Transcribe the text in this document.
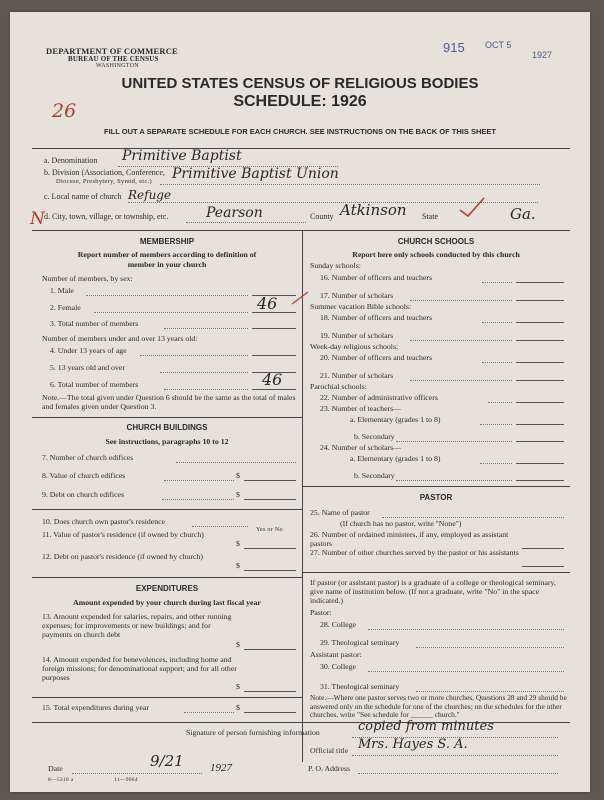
DEPARTMENT OF COMMERCE
BUREAU OF THE CENSUS
WASHINGTON
915 OCT 5
1927
UNITED STATES CENSUS OF RELIGIOUS BODIES
SCHEDULE: 1926
26
FILL OUT A SEPARATE SCHEDULE FOR EACH CHURCH. SEE INSTRUCTIONS ON THE BACK OF THIS SHEET
a. Denomination Primitive Baptist
b. Division (Association, Conference,
Diocese, Presbytery, Synod, etc.) Primitive Baptist Union
c. Local name of church Refuge
N d. City, town, village, or township, etc.	Pearson	County Atkinson State	Ga.
MEMBERSHIP
Report number of members according to definition of
member in your church
Number of members, by sex:
1. Male
2. Female	46
3. Total number of members
Number of members under and over 13 years old:
4. Under 13 years of age
5. 13 years old and over
6. Total number of members	46
Note.—The total given under Question 6 should be the same as the total of males and females given under Question 3.
CHURCH BUILDINGS
See instructions, paragraphs 10 to 12
7. Number of church edifices
8. Value of church edifices	$
9. Debt on church edifices	$
10. Does church own pastor's residence
Yes or No
11. Value of pastor's residence (if owned by church)
$
12. Debt on pastor's residence (if owned by church)
$
EXPENDITURES
Amount expended by your church during last fiscal year
13. Amount expended for salaries, repairs, and other running expenses; for improvements or new buildings; and for payments on church debt
$
14. Amount expended for benevolences, including home and foreign missions; for denominational support; and for all other purposes
$
15. Total expenditures during year	$
CHURCH SCHOOLS
Report here only schools conducted by this church
Sunday schools:
16. Number of officers and teachers
17. Number of scholars
Summer vacation Bible schools:
18. Number of officers and teachers
19. Number of scholars
Week-day religious schools:
20. Number of officers and teachers
21. Number of scholars
Parochial schools:
22. Number of administrative officers
23. Number of teachers—
a. Elementary (grades 1 to 8)
b. Secondary
24. Number of scholars—
a. Elementary (grades 1 to 8)
b. Secondary
PASTOR
25. Name of pastor
(If church has no pastor, write "None")
26. Number of ordained ministers, if any, employed as assistant pastors
27. Number of other churches served by the pastor or his assistants
If pastor (or assistant pastor) is a graduate of a college or theological seminary, give name of institution below. (If not a graduate, write "No" in the space indicated.)
Pastor:
28. College
29. Theological seminary
Assistant pastor:
30. College
31. Theological seminary
Note.—Where one pastor serves two or more churches, Questions 28 and 29 should be answered only on the schedule for one of the churches; on the schedules for the other churches, write "See schedule for ______ church."
Signature of person furnishing information	copied from minutes
Official title Mrs. Hayes S. A.
Date	9/21 1927	P. O. Address
8—5318 a	11—9064
